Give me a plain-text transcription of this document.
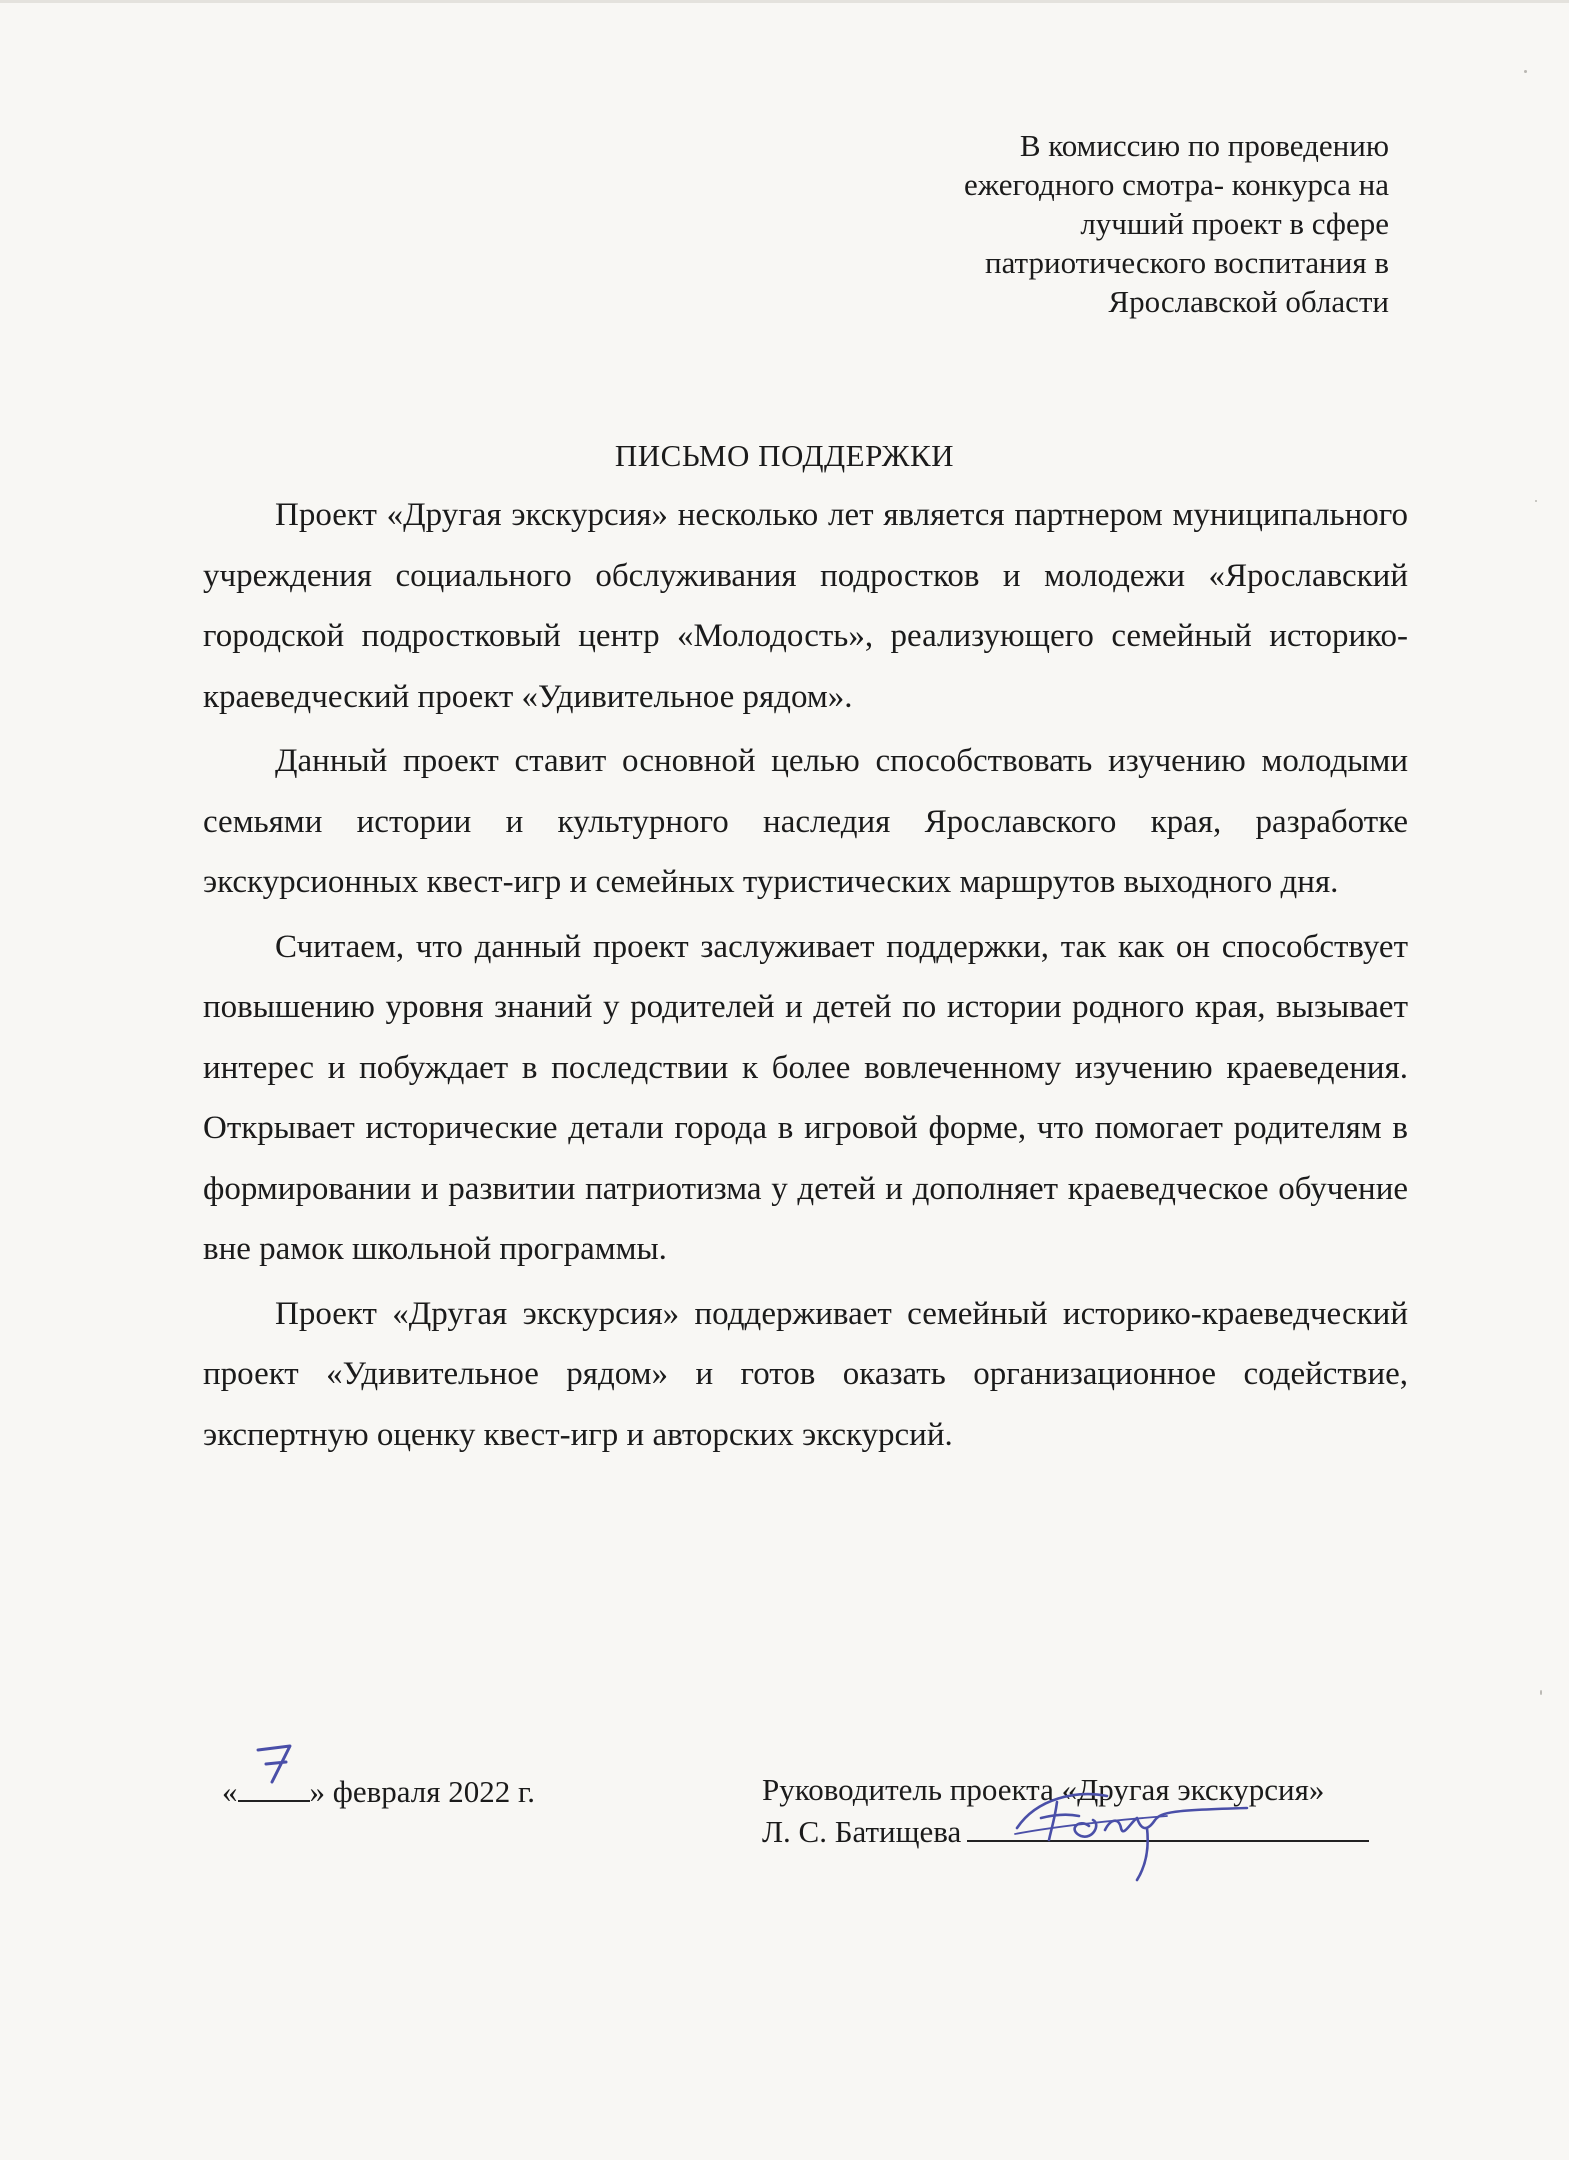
В комиссию по проведению
ежегодного смотра- конкурса на
лучший проект в сфере
патриотического воспитания в
Ярославской области
ПИСЬМО ПОДДЕРЖКИ

Проект «Другая экскурсия» несколько лет является партнером муниципального учреждения социального обслуживания подростков и молодежи «Ярославский городской подростковый центр «Молодость», реализующего семейный историко-краеведческий проект «Удивительное рядом».

Данный проект ставит основной целью способствовать изучению молодыми семьями истории и культурного наследия Ярославского края, разработке экскурсионных квест-игр и семейных туристических маршрутов выходного дня.

Считаем, что данный проект заслуживает поддержки, так как он способствует повышению уровня знаний у родителей и детей по истории родного края, вызывает интерес и побуждает в последствии к более вовлеченному изучению краеведения. Открывает исторические детали города в игровой форме, что помогает родителям в формировании и развитии патриотизма у детей и дополняет краеведческое обучение вне рамок школьной программы.

Проект «Другая экскурсия» поддерживает семейный историко-краеведческий проект «Удивительное рядом» и готов оказать организационное содействие, экспертную оценку квест-игр и авторских экскурсий.

« » февраля 2022 г.	Руководитель проекта «Другая экскурсия»
Л. С. Батищева
